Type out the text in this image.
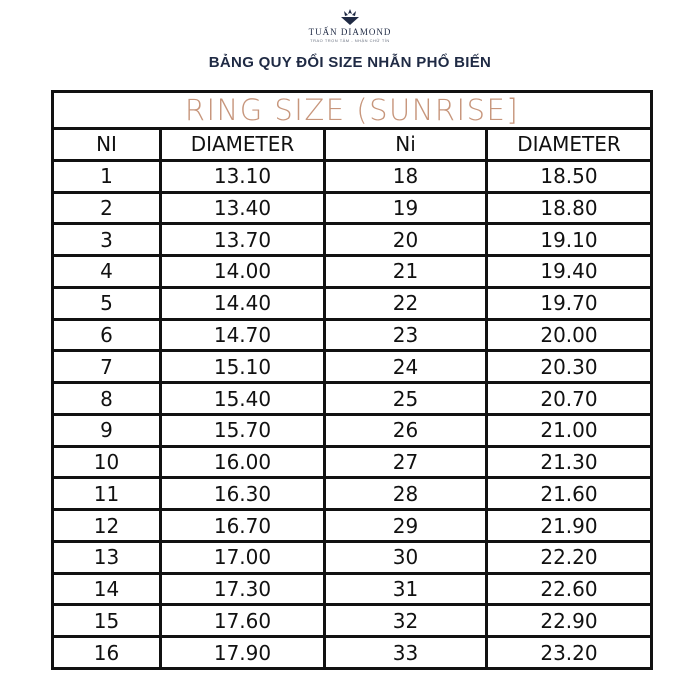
TUẤN DIAMOND
TRAO TRỌN TÂM - NHẬN CHỮ TÍN
BẢNG QUY ĐỔI SIZE NHẪN PHỔ BIẾN
RING SIZE (SUNRISE]
NI	DIAMETER	Ni	DIAMETER
1	13.10	18	18.50
2	13.40	19	18.80
3	13.70	20	19.10
4	14.00	21	19.40
5	14.40	22	19.70
6	14.70	23	20.00
7	15.10	24	20.30
8	15.40	25	20.70
9	15.70	26	21.00
10	16.00	27	21.30
11	16.30	28	21.60
12	16.70	29	21.90
13	17.00	30	22.20
14	17.30	31	22.60
15	17.60	32	22.90
16	17.90	33	23.20
